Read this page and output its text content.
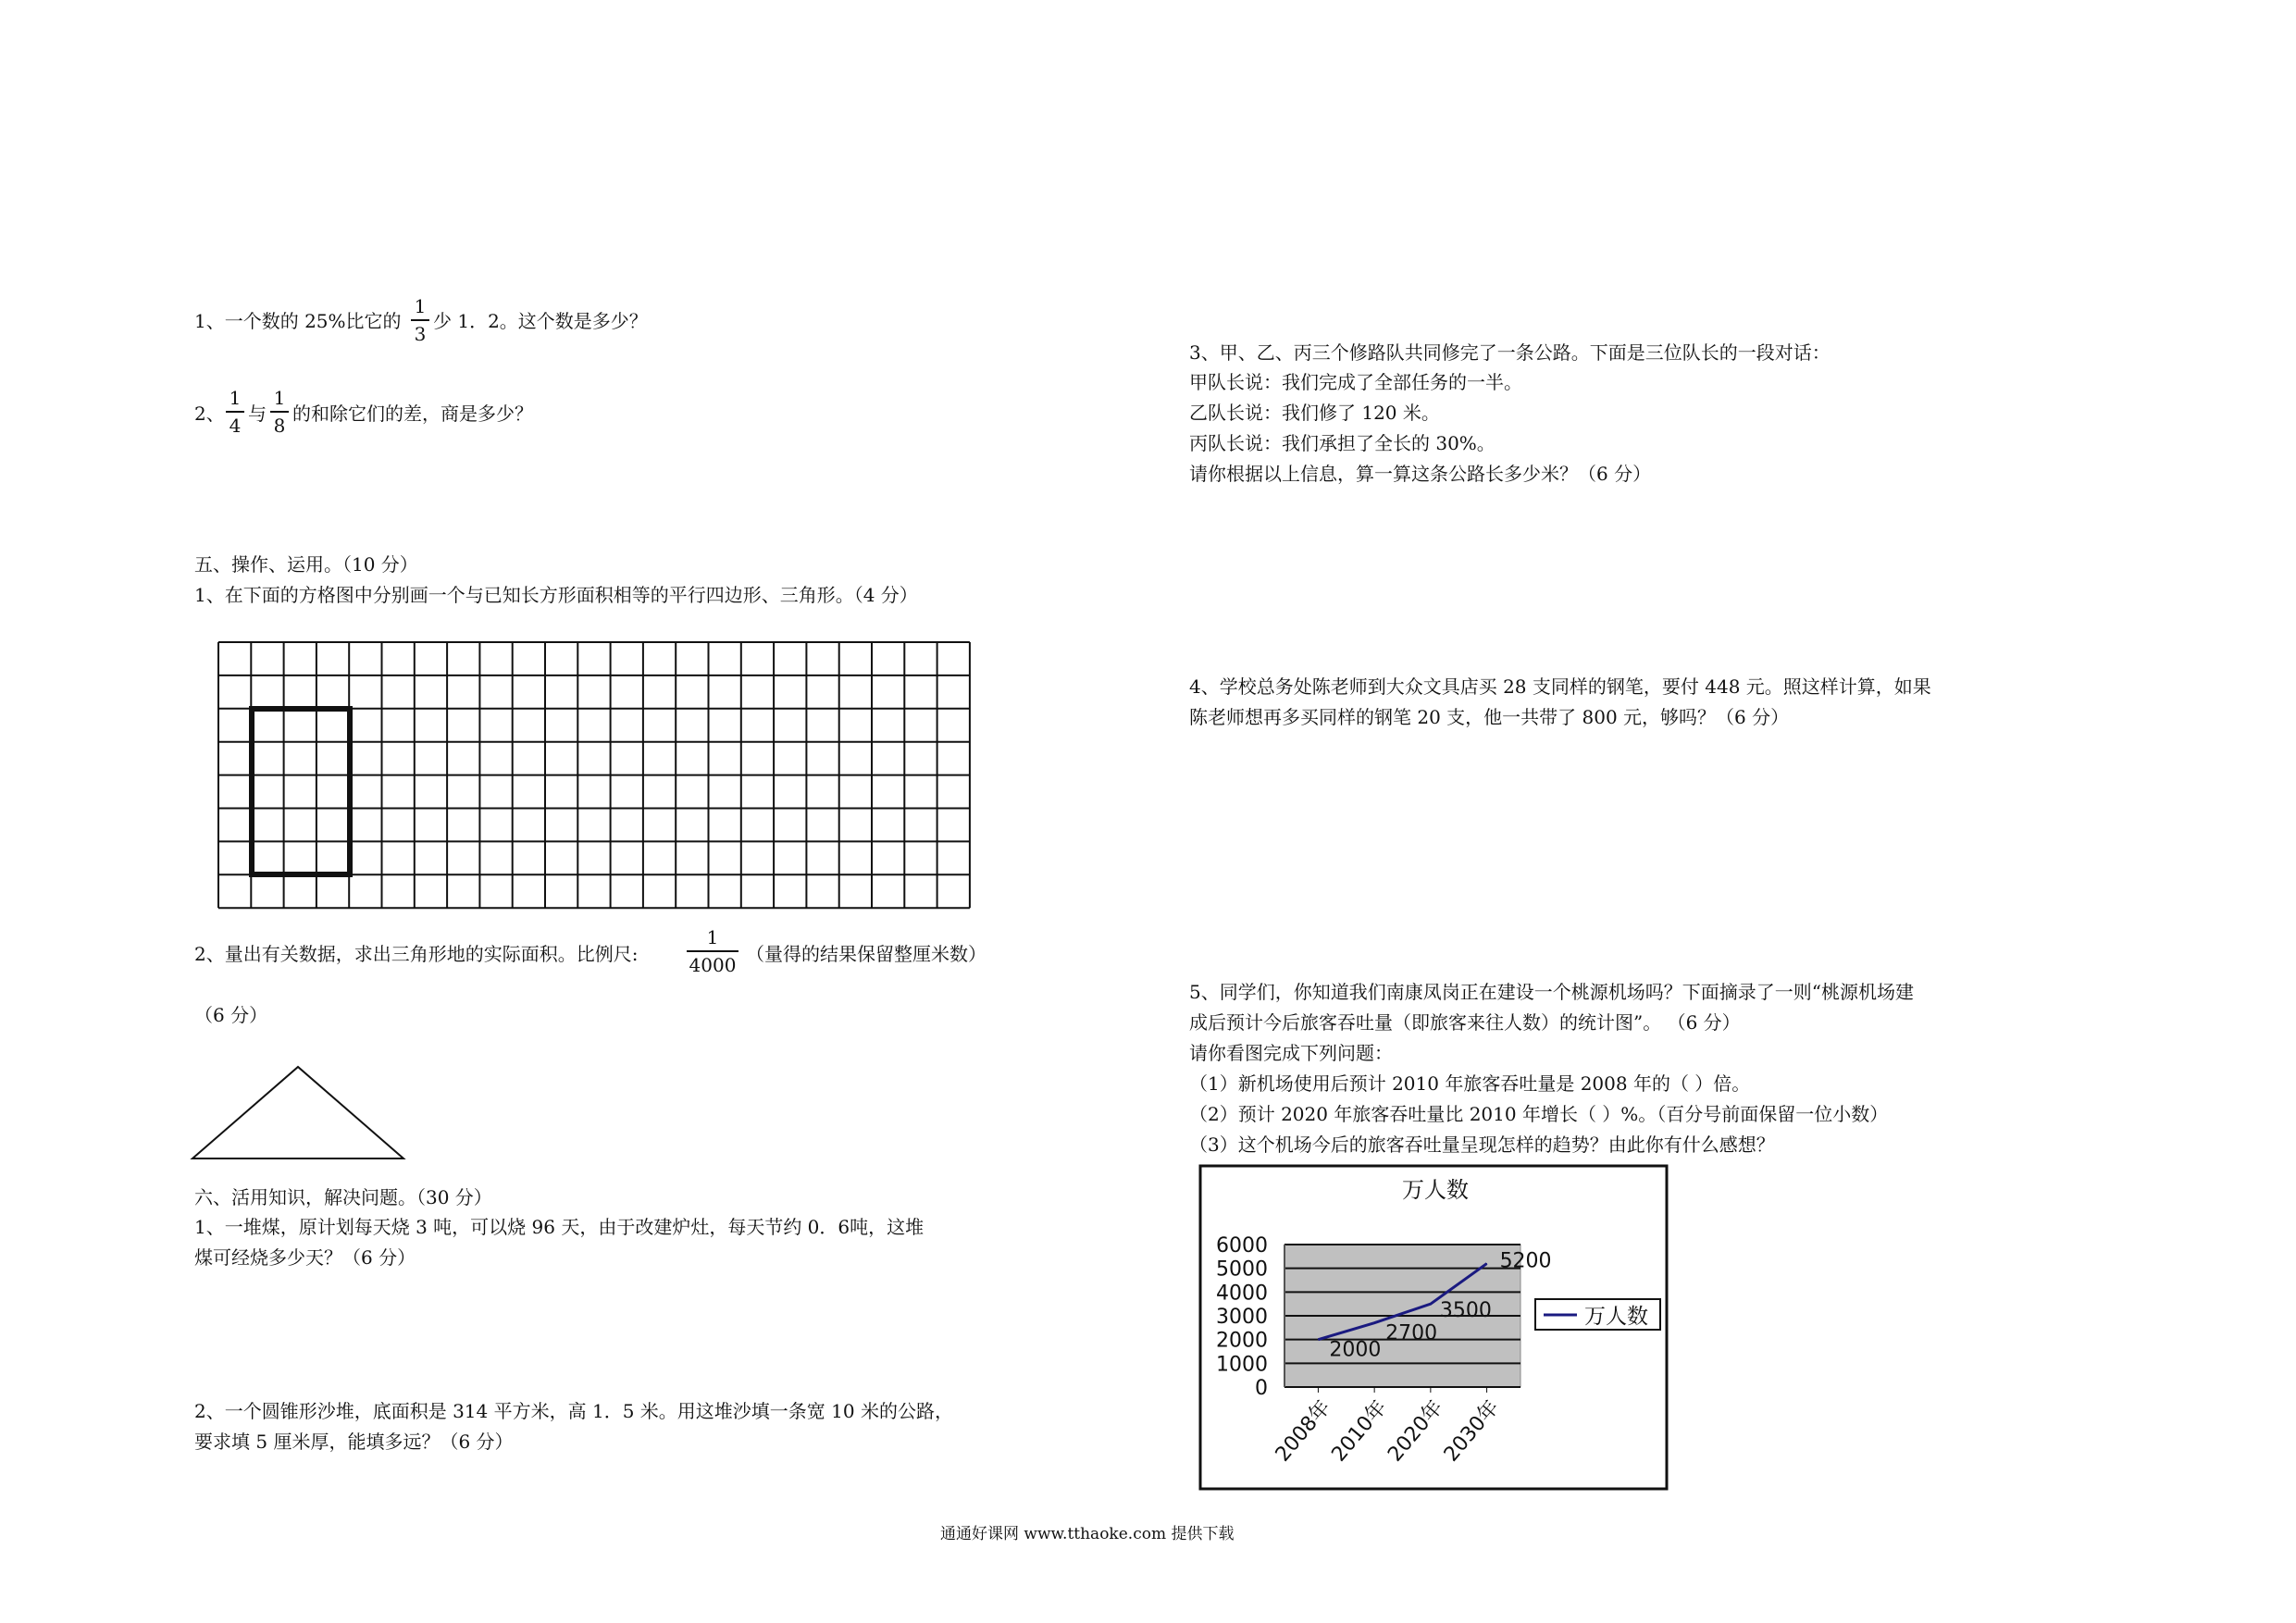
1、一个数的 25%比它的
1
3
少 1．2。这个数是多少？
2、
1
4
与
1
8
的和除它们的差，商是多少？
五、操作、运用。（10 分）
1、在下面的方格图中分别画一个与已知长方形面积相等的平行四边形、三角形。（4 分）
2、量出有关数据，求出三角形地的实际面积。比例尺:
1
4000 （量得的结果保留整厘米数）
（6 分）
六、活用知识，解决问题。（30 分）
1、一堆煤，原计划每天烧 3 吨，可以烧 96 天，由于改建炉灶，每天节约 0．6吨，这堆
煤可经烧多少天？（6 分）
2、一个圆锥形沙堆，底面积是 314 平方米，高 1．5 米。用这堆沙填一条宽 10 米的公路，
要求填 5 厘米厚，能填多远？（6 分）
3、甲、乙、丙三个修路队共同修完了一条公路。下面是三位队长的一段对话：
甲队长说：我们完成了全部任务的一半。
乙队长说：我们修了 120 米。
丙队长说：我们承担了全长的 30%。
请你根据以上信息，算一算这条公路长多少米？（6 分）
4、学校总务处陈老师到大众文具店买 28 支同样的钢笔，要付 448 元。照这样计算，如果
陈老师想再多买同样的钢笔 20 支，他一共带了 800 元，够吗？（6 分）
5、同学们，你知道我们南康凤岗正在建设一个桃源机场吗？下面摘录了一则“桃源机场建
成后预计今后旅客吞吐量（即旅客来往人数）的统计图”。 （6 分）
请你看图完成下列问题：
（1）新机场使用后预计 2010 年旅客吞吐量是 2008 年的（ ）倍。
（2）预计 2020 年旅客吞吐量比 2010 年增长（ ）%。（百分号前面保留一位小数）
（3）这个机场今后的旅客吞吐量呈现怎样的趋势？由此你有什么感想？
万人数
6000
5000
4000
3000
2000
1000
0
2008年
2010年
2020年
2030年
2000
2700
3500
5200
万人数
通通好课网 www.tthaoke.com 提供下载
